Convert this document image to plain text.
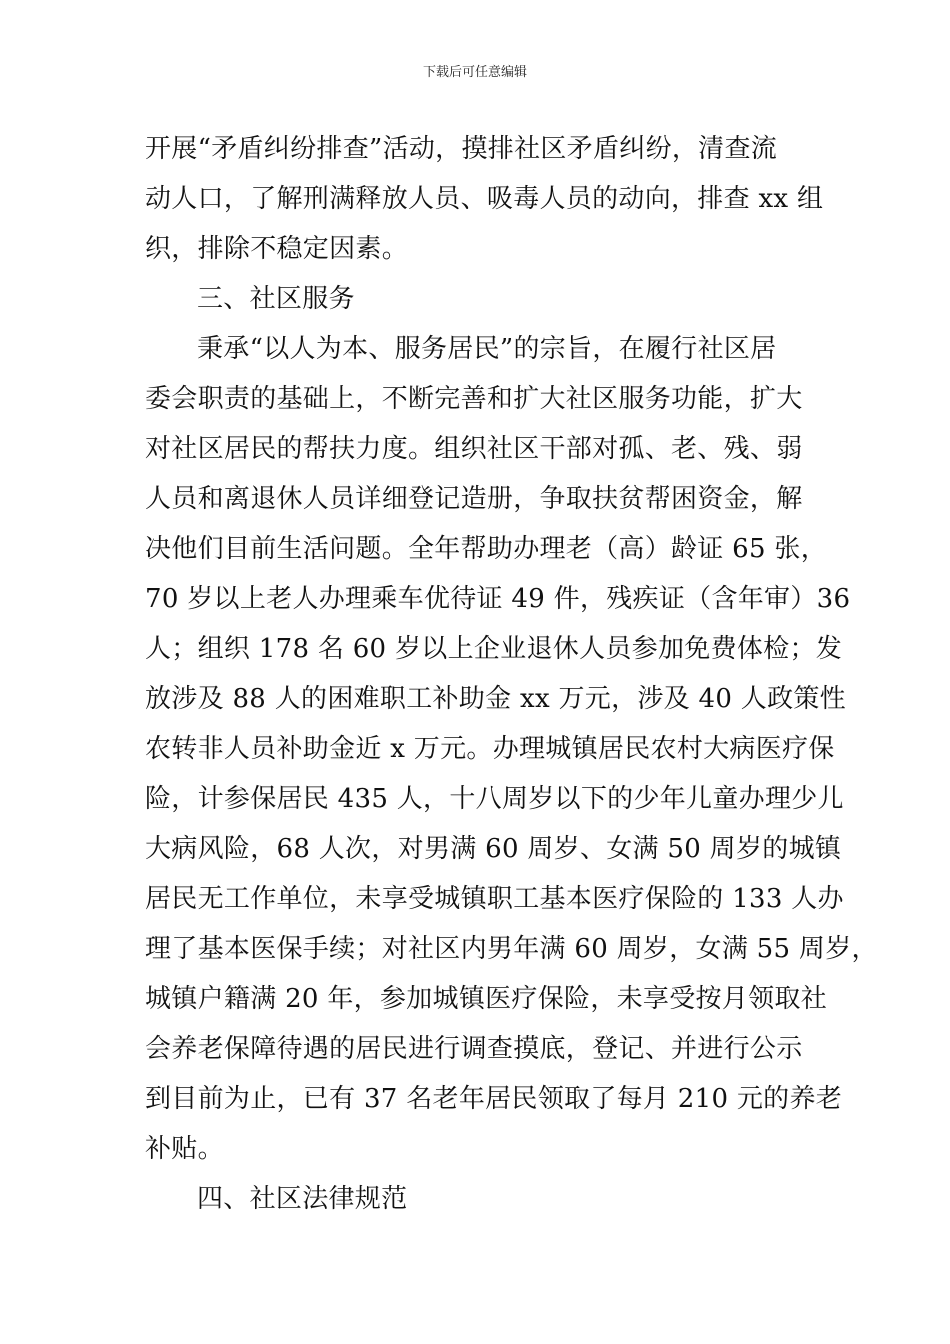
下载后可任意编辑
开展“矛盾纠纷排查”活动，摸排社区矛盾纠纷，清查流
动人口，了解刑满释放人员、吸毒人员的动向，排查 xx 组
织，排除不稳定因素。
三、社区服务
秉承“以人为本、服务居民”的宗旨，在履行社区居
委会职责的基础上，不断完善和扩大社区服务功能，扩大
对社区居民的帮扶力度。组织社区干部对孤、老、残、弱
人员和离退休人员详细登记造册，争取扶贫帮困资金，解
决他们目前生活问题。全年帮助办理老（高）龄证 65 张，
70 岁以上老人办理乘车优待证 49 件，残疾证（含年审）36
人；组织 178 名 60 岁以上企业退休人员参加免费体检；发
放涉及 88 人的困难职工补助金 xx 万元，涉及 40 人政策性
农转非人员补助金近 x 万元。办理城镇居民农村大病医疗保
险，计参保居民 435 人，十八周岁以下的少年儿童办理少儿
大病风险，68 人次，对男满 60 周岁、女满 50 周岁的城镇
居民无工作单位，未享受城镇职工基本医疗保险的 133 人办
理了基本医保手续；对社区内男年满 60 周岁，女满 55 周岁，
城镇户籍满 20 年，参加城镇医疗保险，未享受按月领取社
会养老保障待遇的居民进行调查摸底，登记、并进行公示
到目前为止，已有 37 名老年居民领取了每月 210 元的养老
补贴。
四、社区法律规范
